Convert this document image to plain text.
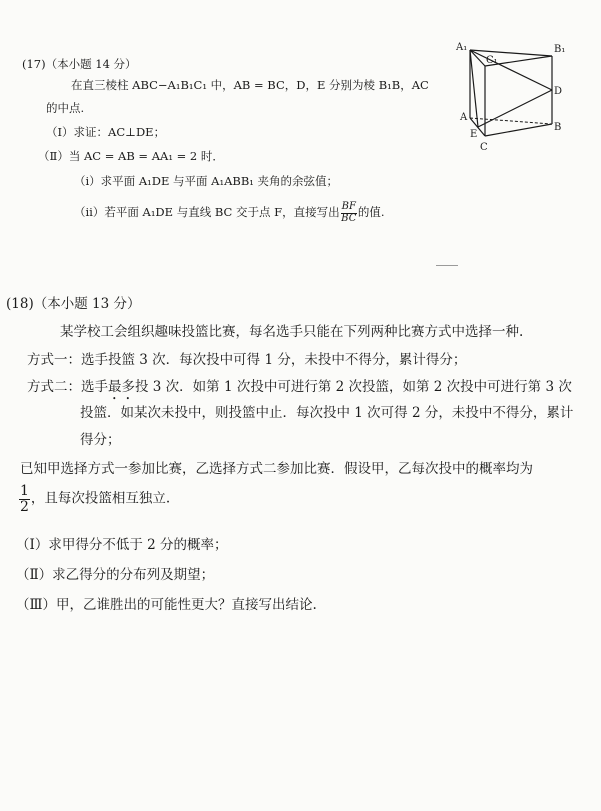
(17)（本小题 14 分）
在直三棱柱 ABC−A₁B₁C₁ 中，AB = BC，D，E 分别为棱 B₁B，AC
的中点.
（Ⅰ）求证：AC⊥DE；
（Ⅱ）当 AC = AB = AA₁ = 2 时．
（ⅰ）求平面 A₁DE 与平面 A₁ABB₁ 夹角的余弦值；
（ⅱ）若平面 A₁DE 与直线 BC 交于点 F，直接写出 $\frac{BF}{BC}$ 的值.
A₁	B₁
C₁
A
B
C
D
E
(18)（本小题 13 分）
某学校工会组织趣味投篮比赛，每名选手只能在下列两种比赛方式中选择一种.
方式一：选手投篮 3 次．每次投中可得 1 分，未投中不得分，累计得分；
方式二：选手最多投 3 次．如第 1 次投中可进行第 2 次投篮，如第 2 次投中可进行第 3 次
投篮．如某次未投中，则投篮中止．每次投中 1 次可得 2 分，未投中不得分，累计
得分；
已知甲选择方式一参加比赛，乙选择方式二参加比赛．假设甲，乙每次投中的概率均为
$\frac{1}{2}$ ，且每次投篮相互独立.
（Ⅰ）求甲得分不低于 2 分的概率；
（Ⅱ）求乙得分的分布列及期望；
（Ⅲ）甲，乙谁胜出的可能性更大？直接写出结论.
